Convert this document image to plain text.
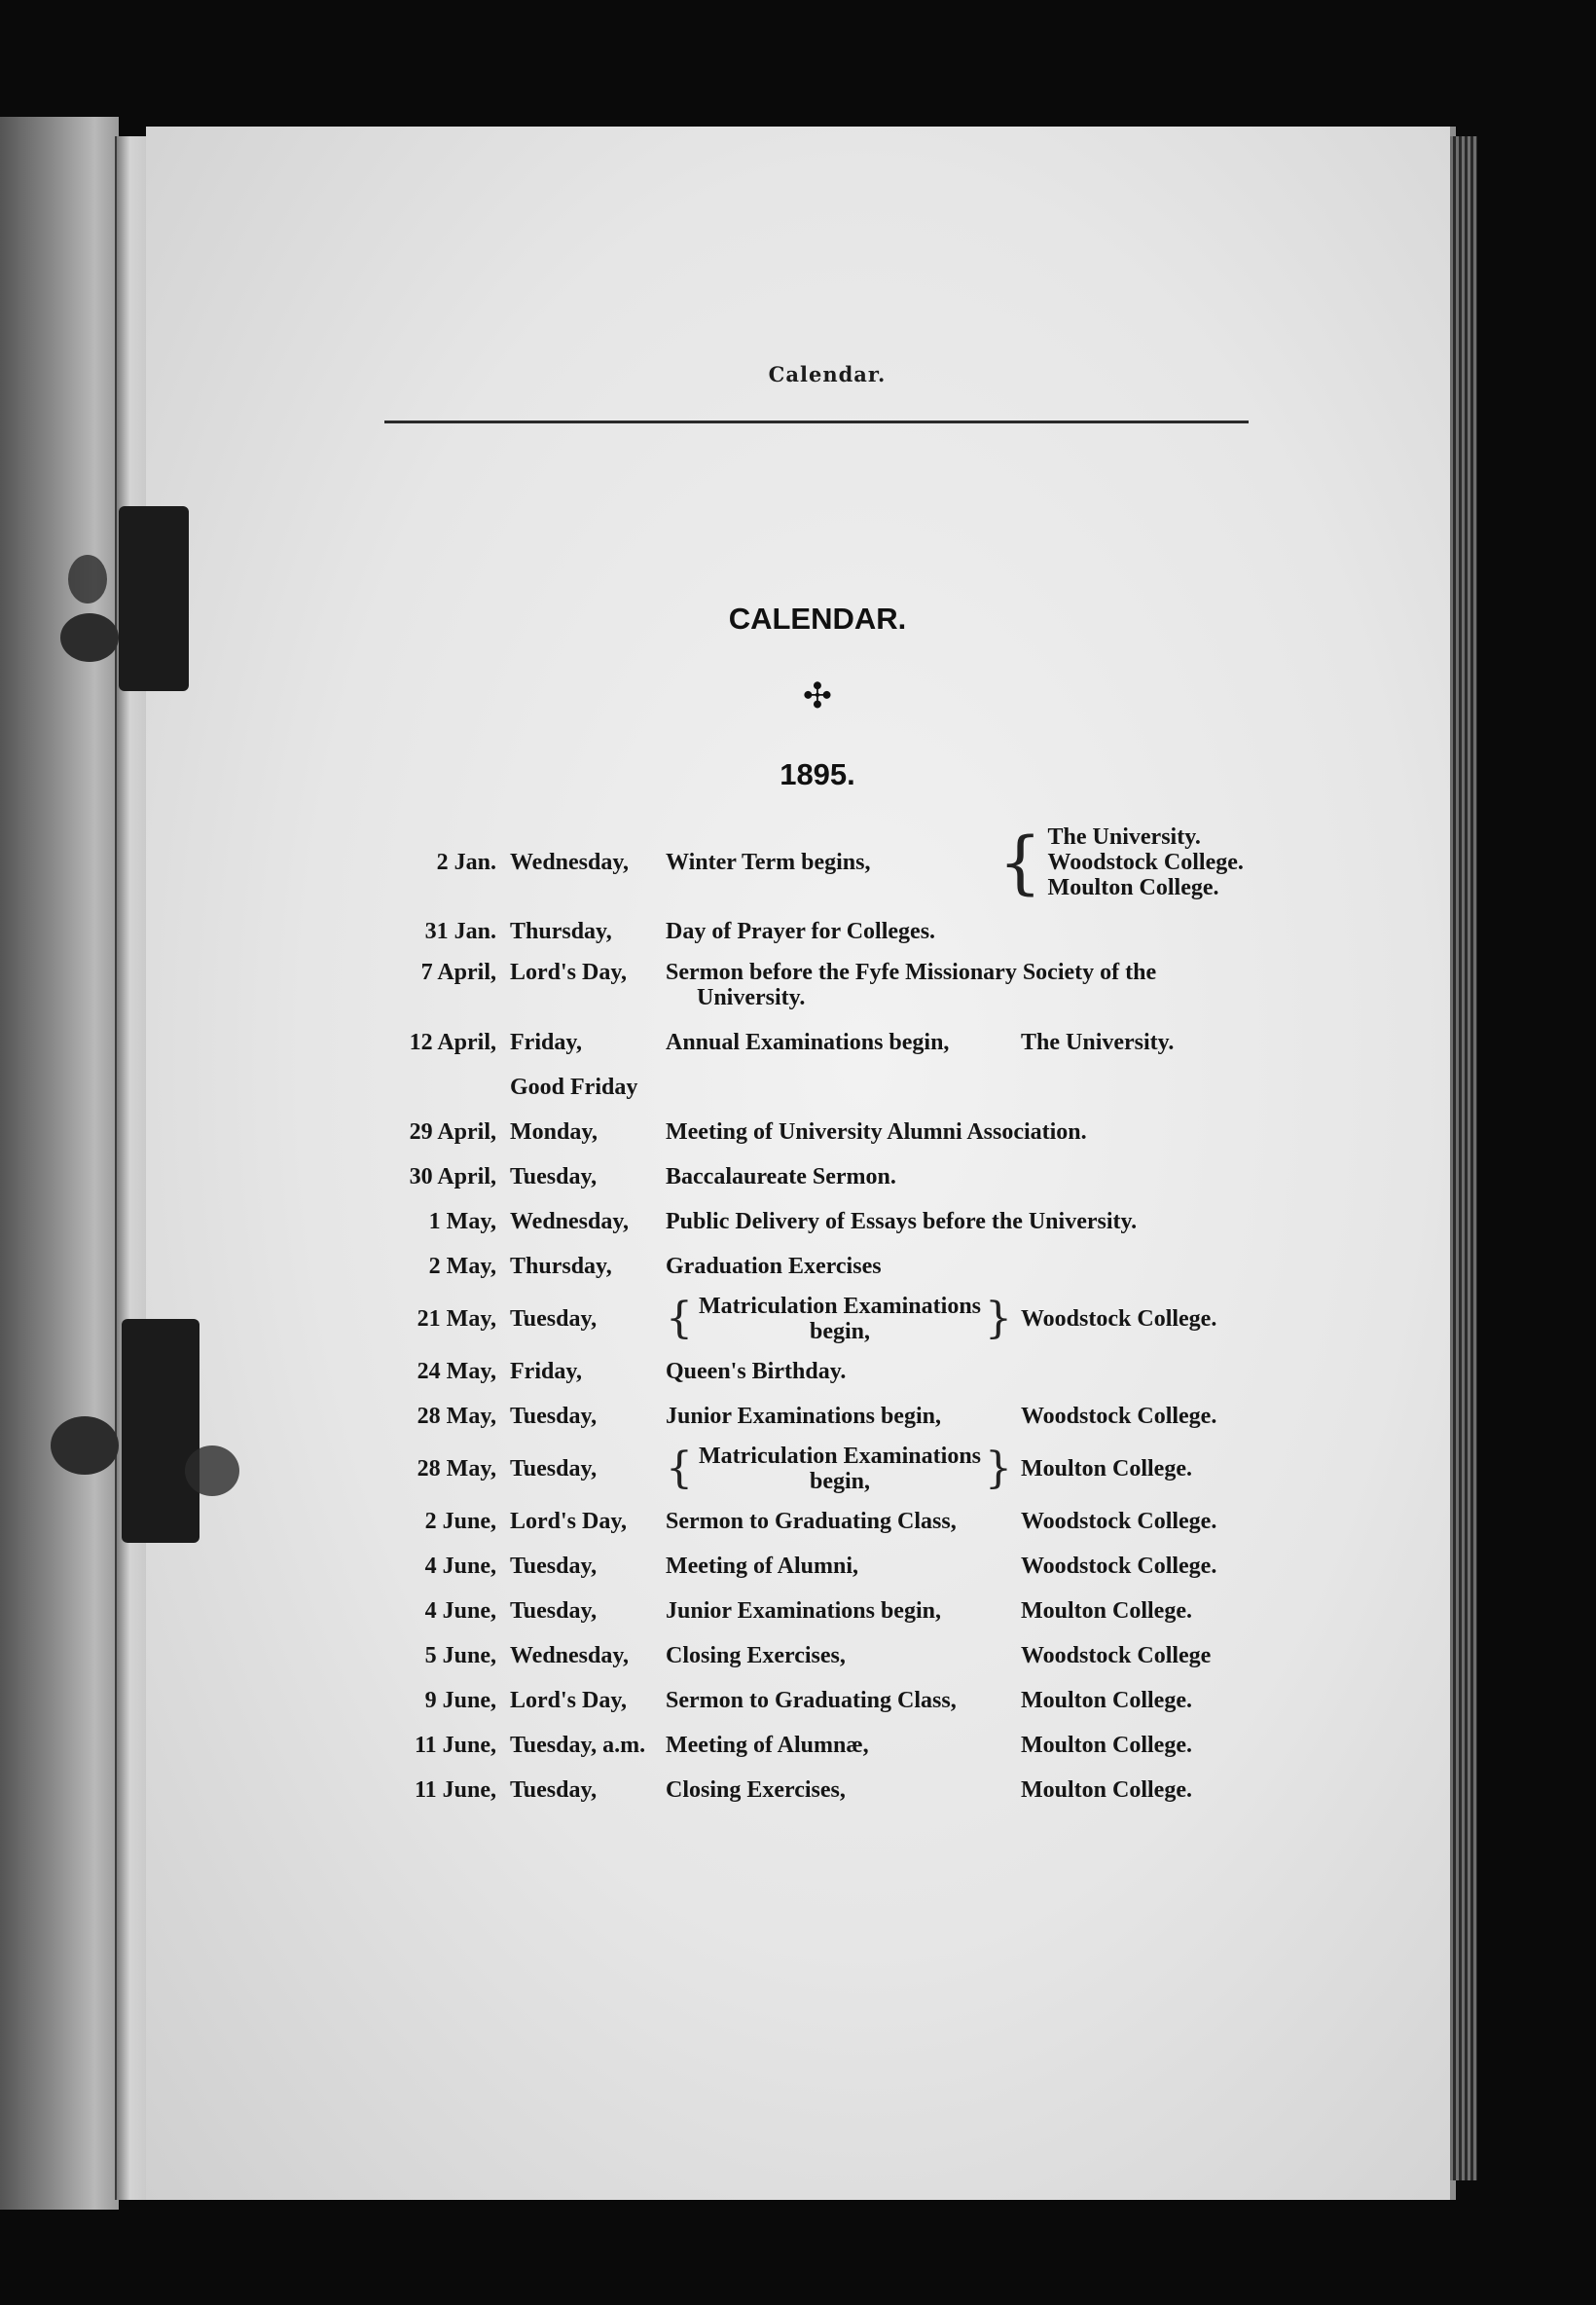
Calendar.
CALENDAR.
✣
1895.
2 Jan. Wednesday,	Winter Term begins, { The University.
Woodstock College.
Moulton College.
31 Jan. Thursday,	Day of Prayer for Colleges.
7 April, Lord's Day,	Sermon before the Fyfe Missionary Society of the
University.
12 April, Friday,	Annual Examinations begin,	The University.
Good Friday
29 April, Monday,	Meeting of University Alumni Association.
30 April, Tuesday,	Baccalaureate Sermon.
1 May, Wednesday,	Public Delivery of Essays before the University.
2 May, Thursday,	Graduation Exercises
21 May, Tuesday,	{ Matriculation Examinations
begin,	} Woodstock College.
24 May, Friday,	Queen's Birthday.
28 May, Tuesday,	Junior Examinations begin,	Woodstock College.
28 May, Tuesday,	{ Matriculation Examinations
begin,	} Moulton College.
2 June, Lord's Day,	Sermon to Graduating Class,	Woodstock College.
4 June, Tuesday,	Meeting of Alumni,	Woodstock College.
4 June, Tuesday,	Junior Examinations begin,	Moulton College.
5 June, Wednesday,	Closing Exercises,	Woodstock College
9 June, Lord's Day,	Sermon to Graduating Class,	Moulton College.
11 June, Tuesday, a.m. Meeting of Alumnæ,	Moulton College.
11 June, Tuesday,	Closing Exercises,	Moulton College.
